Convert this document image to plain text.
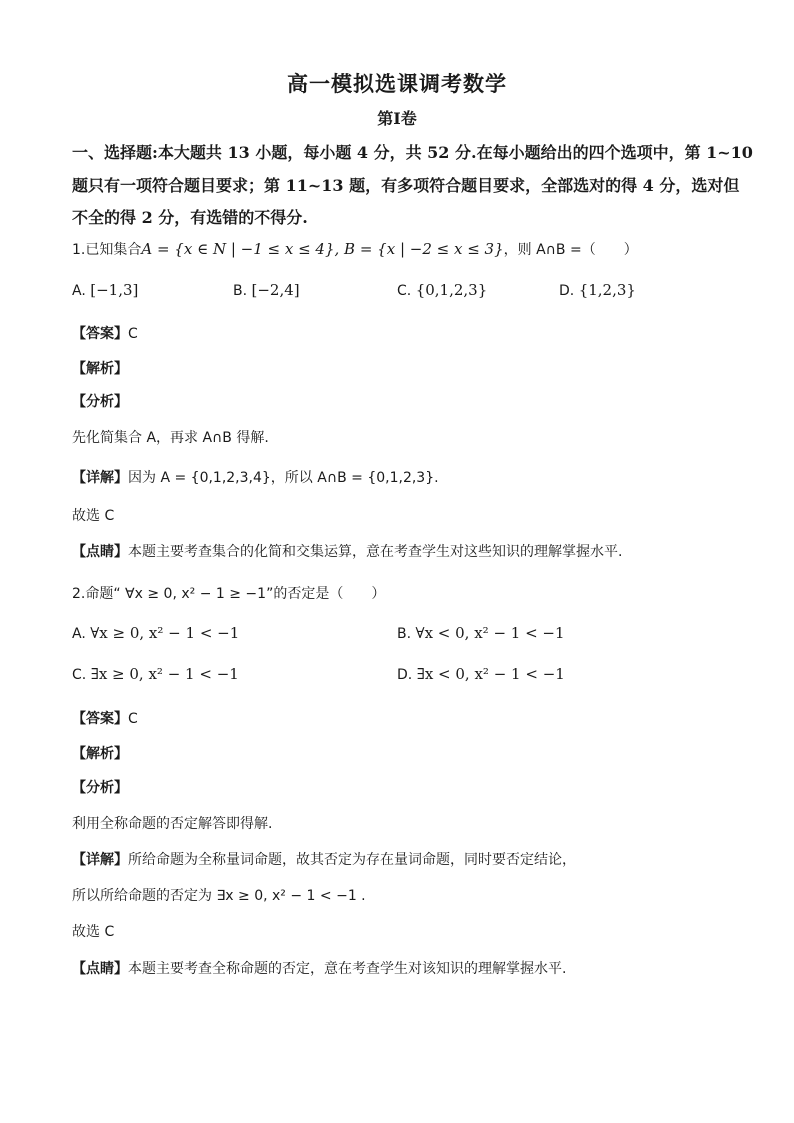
高一模拟选课调考数学
第Ⅰ卷
一、选择题:本大题共 13 小题，每小题 4 分，共 52 分.在每小题给出的四个选项中，第 1~10
题只有一项符合题目要求；第 11~13 题，有多项符合题目要求，全部选对的得 4 分，选对但
不全的得 2 分，有选错的不得分.
1.已知集合A = {x ∈ N | −1 ≤ x ≤ 4}, B = {x | −2 ≤ x ≤ 3}，则 A∩B =（　　）
A. [−1,3]	B. [−2,4]	C. {0,1,2,3}	D. {1,2,3}
【答案】C
【解析】
【分析】
先化简集合 A，再求 A∩B 得解.
【详解】因为 A = {0,1,2,3,4}，所以 A∩B = {0,1,2,3}.
故选 C
【点睛】本题主要考查集合的化简和交集运算，意在考查学生对这些知识的理解掌握水平.
2.命题“ ∀x ≥ 0, x² − 1 ≥ −1”的否定是（　　）
A. ∀x ≥ 0, x² − 1 < −1	B. ∀x < 0, x² − 1 < −1
C. ∃x ≥ 0, x² − 1 < −1	D. ∃x < 0, x² − 1 < −1
【答案】C
【解析】
【分析】
利用全称命题的否定解答即得解.
【详解】所给命题为全称量词命题，故其否定为存在量词命题，同时要否定结论，
所以所给命题的否定为 ∃x ≥ 0, x² − 1 < −1 .
故选 C
【点睛】本题主要考查全称命题的否定，意在考查学生对该知识的理解掌握水平.
